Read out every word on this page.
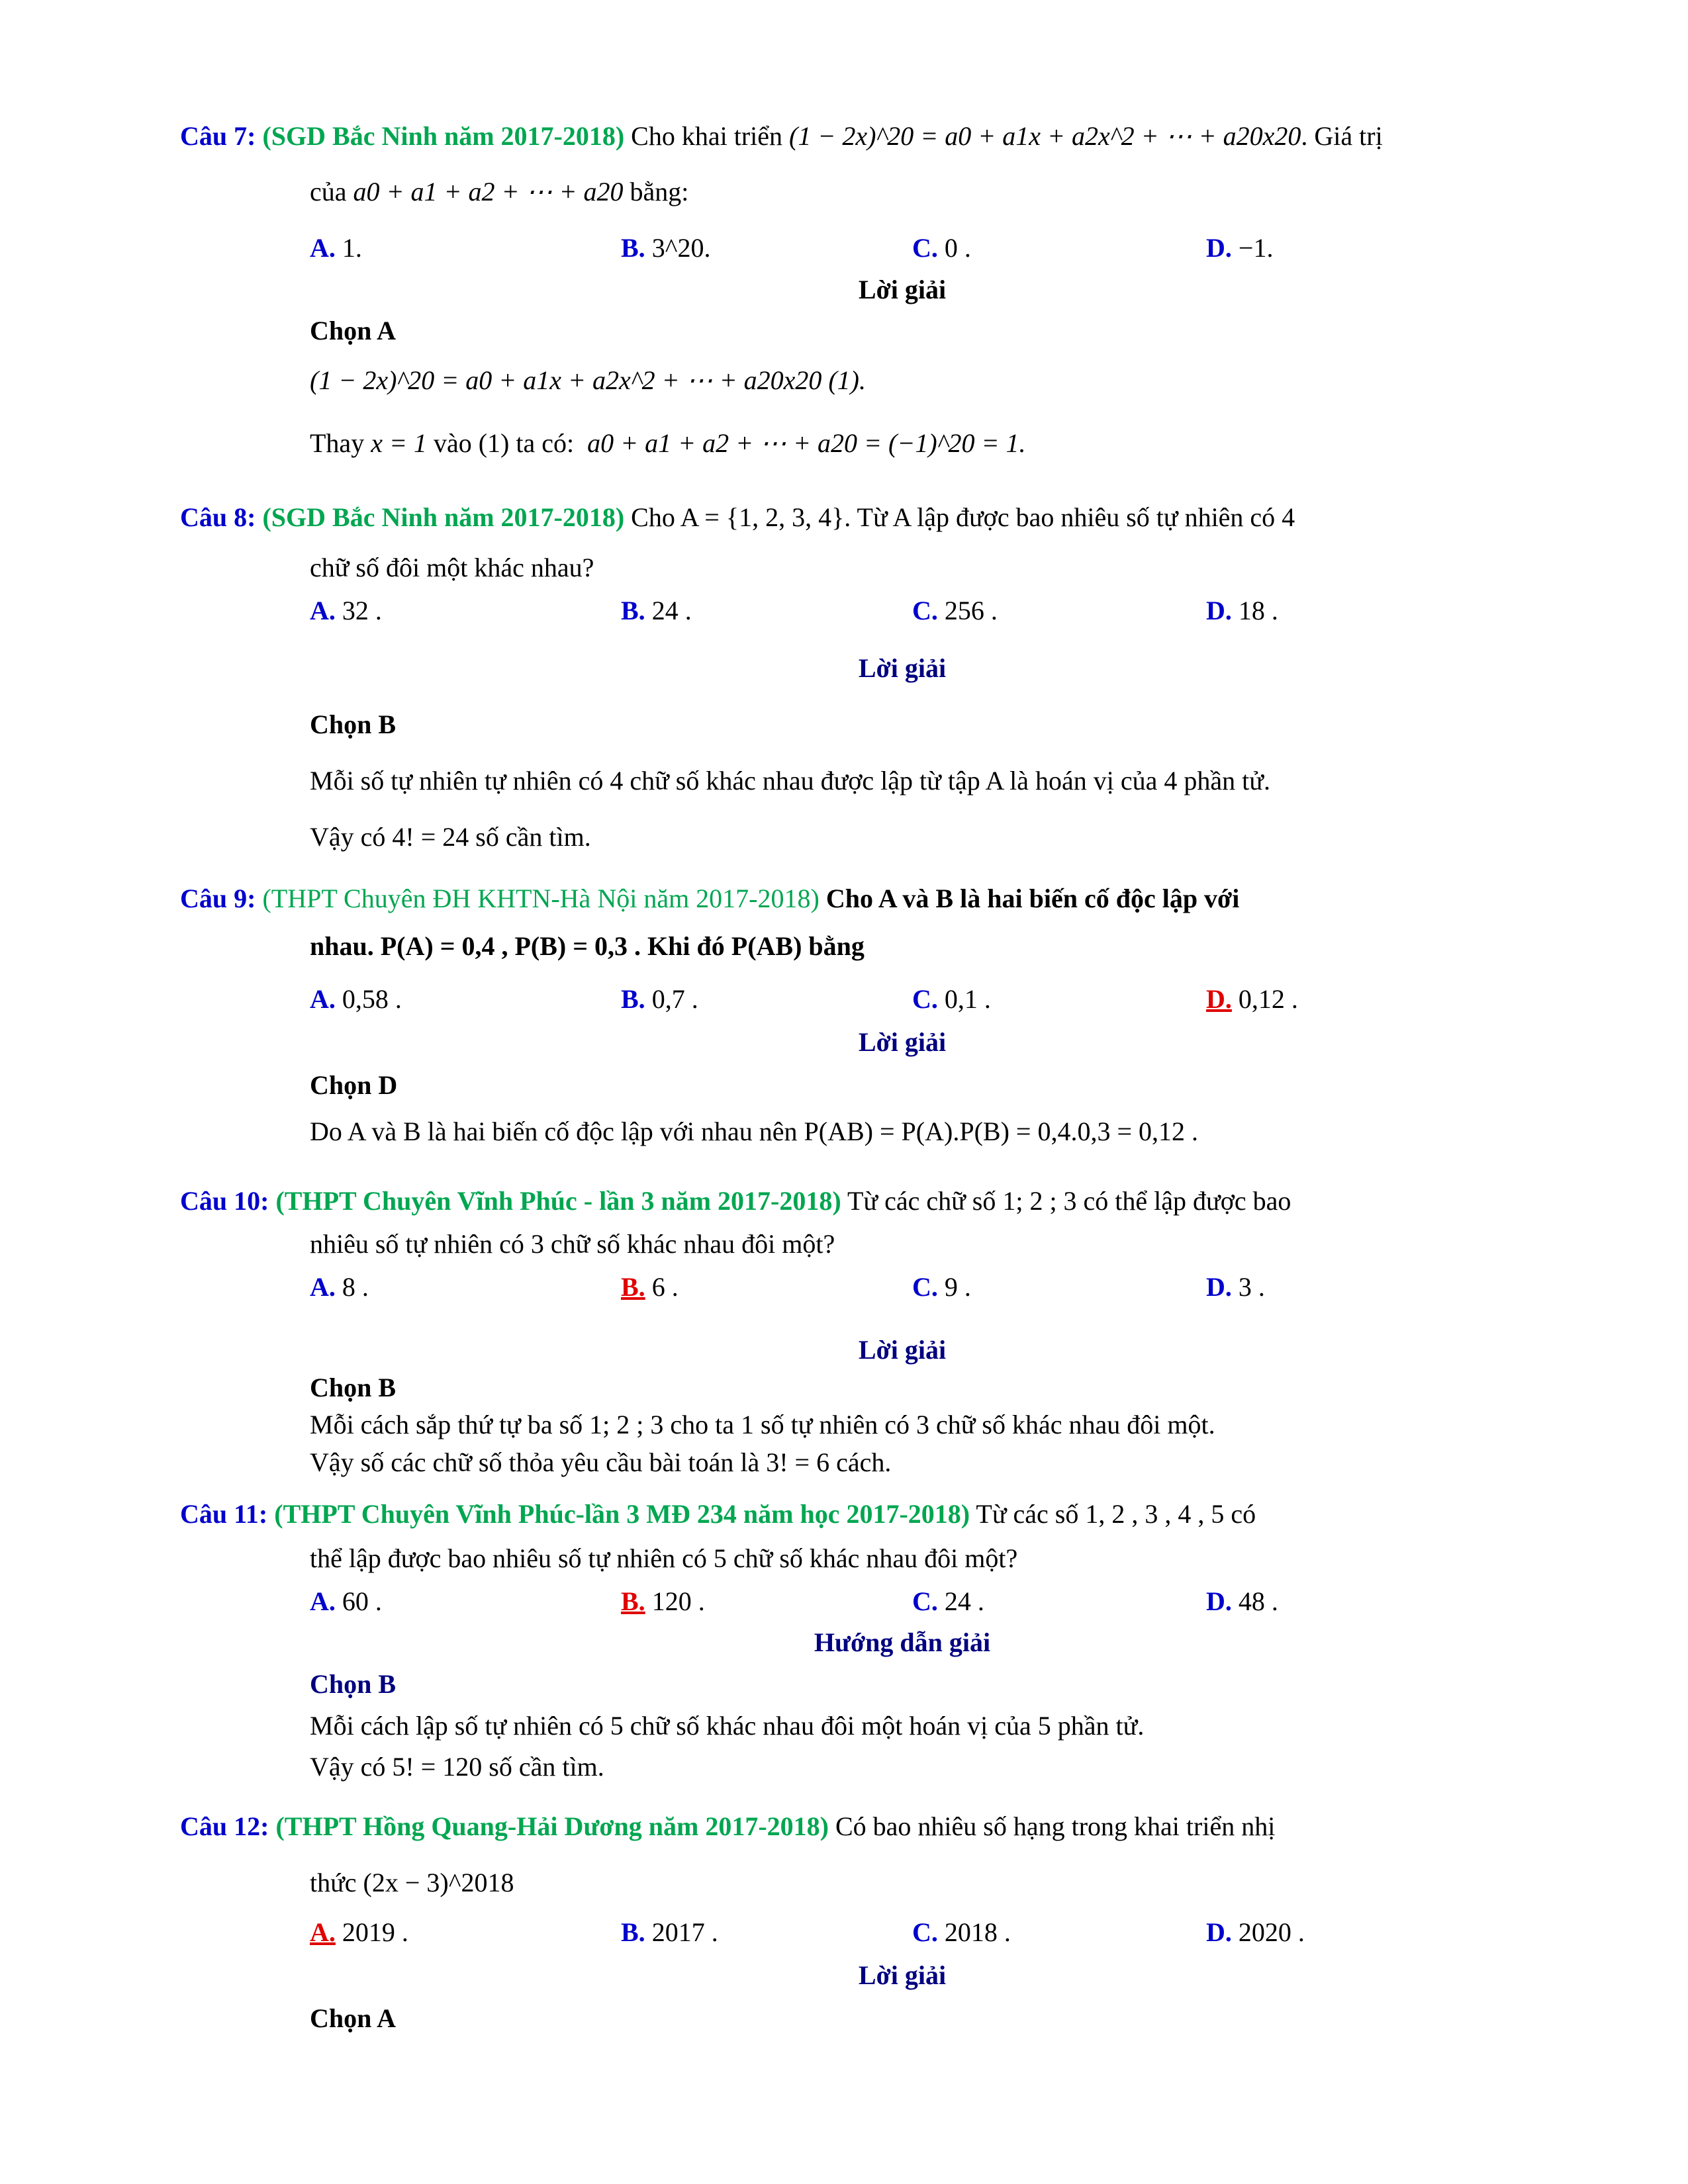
Câu 7: (SGD Bắc Ninh năm 2017-2018) Cho khai triển (1 − 2x)^20 = a0 + a1x + a2x^2 + ⋯ + a20x20. Giá trị
của a0 + a1 + a2 + ⋯ + a20 bằng:
A. 1.	B. 3^20.	C. 0 .	D. −1.
Lời giải
Chọn A
(1 − 2x)^20 = a0 + a1x + a2x^2 + ⋯ + a20x20 (1).
Thay x = 1 vào (1) ta có: a0 + a1 + a2 + ⋯ + a20 = (−1)^20 = 1.
Câu 8: (SGD Bắc Ninh năm 2017-2018) Cho A = {1, 2, 3, 4}. Từ A lập được bao nhiêu số tự nhiên có 4
chữ số đôi một khác nhau?
A. 32 .	B. 24 .	C. 256 .	D. 18 .
Lời giải
Chọn B
Mỗi số tự nhiên tự nhiên có 4 chữ số khác nhau được lập từ tập A là hoán vị của 4 phần tử.
Vậy có 4! = 24 số cần tìm.
Câu 9: (THPT Chuyên ĐH KHTN-Hà Nội năm 2017-2018) Cho A và B là hai biến cố độc lập với
nhau. P(A) = 0,4 , P(B) = 0,3 . Khi đó P(AB) bằng
A. 0,58 .	B. 0,7 .	C. 0,1 .	D. 0,12 .
Lời giải
Chọn D
Do A và B là hai biến cố độc lập với nhau nên P(AB) = P(A).P(B) = 0,4.0,3 = 0,12 .
Câu 10: (THPT Chuyên Vĩnh Phúc - lần 3 năm 2017-2018) Từ các chữ số 1; 2 ; 3 có thể lập được bao
nhiêu số tự nhiên có 3 chữ số khác nhau đôi một?
A. 8 .	B. 6 .	C. 9 .	D. 3 .
Lời giải
Chọn B
Mỗi cách sắp thứ tự ba số 1; 2 ; 3 cho ta 1 số tự nhiên có 3 chữ số khác nhau đôi một.
Vậy số các chữ số thỏa yêu cầu bài toán là 3! = 6 cách.
Câu 11: (THPT Chuyên Vĩnh Phúc-lần 3 MĐ 234 năm học 2017-2018) Từ các số 1, 2 , 3 , 4 , 5 có
thể lập được bao nhiêu số tự nhiên có 5 chữ số khác nhau đôi một?
A. 60 .	B. 120 .	C. 24 .	D. 48 .
Hướng dẫn giải
Chọn B
Mỗi cách lập số tự nhiên có 5 chữ số khác nhau đôi một hoán vị của 5 phần tử.
Vậy có 5! = 120 số cần tìm.
Câu 12: (THPT Hồng Quang-Hải Dương năm 2017-2018) Có bao nhiêu số hạng trong khai triển nhị
thức (2x − 3)^2018
A. 2019 .	B. 2017 .	C. 2018 .	D. 2020 .
Lời giải
Chọn A
